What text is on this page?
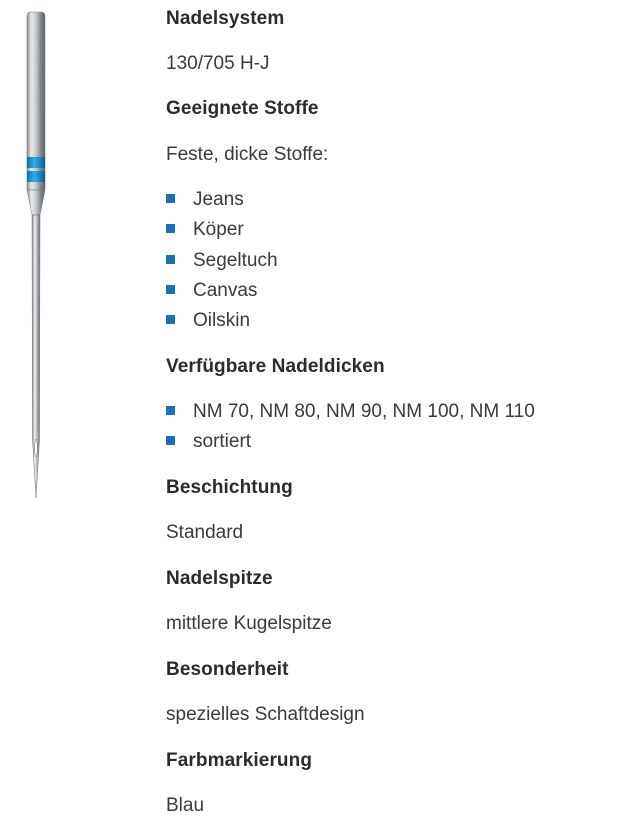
SCHMETZ 130/705
Nadelsystem

130/705 H-J

Geeignete Stoffe

Feste, dicke Stoffe:

Jeans
Köper
Segeltuch
Canvas
Oilskin
Verfügbare Nadeldicken
NM 70, NM 80, NM 90, NM 100, NM 110
sortiert
Beschichtung

Standard

Nadelspitze

mittlere Kugelspitze

Besonderheit

spezielles Schaftdesign

Farbmarkierung

Blau
